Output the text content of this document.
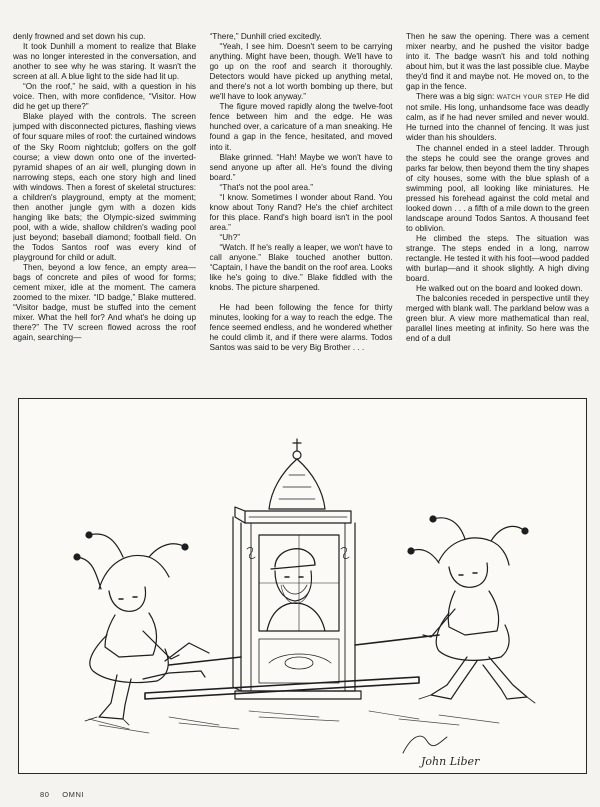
denly frowned and set down his cup.

It took Dunhill a moment to realize that Blake was no longer interested in the conversation, and another to see why he was staring. It wasn't the screen at all. A blue light to the side had lit up.

“On the roof,” he said, with a question in his voice. Then, with more confidence, “Visitor. How did he get up there?”

Blake played with the controls. The screen jumped with disconnected pictures, flashing views of four square miles of roof: the curtained windows of the Sky Room nightclub; golfers on the golf course; a view down onto one of the inverted-pyramid shapes of an air well, plunging down in narrowing steps, each one story high and lined with windows. Then a forest of skeletal structures: a children's playground, empty at the moment; then another jungle gym with a dozen kids hanging like bats; the Olympic-sized swimming pool, with a wide, shallow children's wading pool just beyond; baseball diamond; football field. On the Todos Santos roof was every kind of playground for child or adult.

Then, beyond a low fence, an empty area—bags of concrete and piles of wood for forms; cement mixer, idle at the moment. The camera zoomed to the mixer. “ID badge,” Blake muttered. “Visitor badge, must be stuffed into the cement mixer. What the hell for? And what's he doing up there?” The TV screen flowed across the roof again, searching—

“There,” Dunhill cried excitedly.

“Yeah, I see him. Doesn't seem to be carrying anything. Might have been, though. We'll have to go up on the roof and search it thoroughly. Detectors would have picked up anything metal, and there's not a lot worth bombing up there, but we'll have to look anyway.”

The figure moved rapidly along the twelve-foot fence between him and the edge. He was hunched over, a caricature of a man sneaking. He found a gap in the fence, hesitated, and moved into it.

Blake grinned. “Hah! Maybe we won't have to send anyone up after all. He's found the diving board.”

“That's not the pool area.”

“I know. Sometimes I wonder about Rand. You know about Tony Rand? He's the chief architect for this place. Rand's high board isn't in the pool area.”

“Uh?”

“Watch. If he's really a leaper, we won't have to call anyone.” Blake touched another button. “Captain, I have the bandit on the roof area. Looks like he's going to dive.” Blake fiddled with the knobs. The picture sharpened.

He had been following the fence for thirty minutes, looking for a way to reach the edge. The fence seemed endless, and he wondered whether he could climb it, and if there were alarms. Todos Santos was said to be very Big Brother . . .

Then he saw the opening. There was a cement mixer nearby, and he pushed the visitor badge into it. The badge wasn't his and told nothing about him, but it was the last possible clue. Maybe they'd find it and maybe not. He moved on, to the gap in the fence.

There was a big sign: WATCH YOUR STEP He did not smile. His long, unhandsome face was deadly calm, as if he had never smiled and never would. He turned into the channel of fencing. It was just wider than his shoulders.

The channel ended in a steel ladder. Through the steps he could see the orange groves and parks far below, then beyond them the tiny shapes of city houses, some with the blue splash of a swimming pool, all looking like miniatures. He pressed his forehead against the cold metal and looked down . . . a fifth of a mile down to the green landscape around Todos Santos. A thousand feet to oblivion.

He climbed the steps. The situation was strange. The steps ended in a long, narrow rectangle. He tested it with his foot—wood padded with burlap—and it shook slightly. A high diving board.

He walked out on the board and looked down.

The balconies receded in perspective until they merged with blank wall. The parkland below was a green blur. A view more mathematical than real, parallel lines meeting at infinity. So here was the end of a dull

John Liber
80 OMNI
